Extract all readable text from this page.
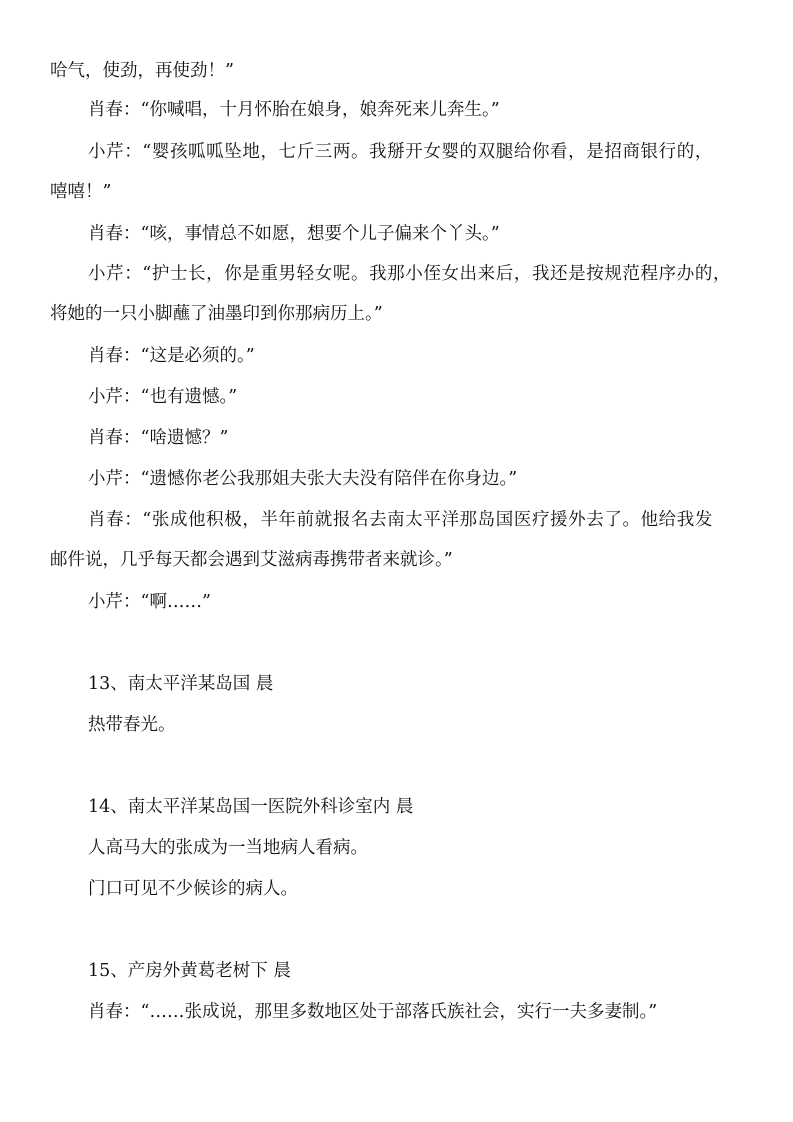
哈气，使劲，再使劲！”
肖春：“你喊唱，十月怀胎在娘身，娘奔死来儿奔生。”
小芹：“婴孩呱呱坠地，七斤三两。我掰开女婴的双腿给你看，是招商银行的，
嘻嘻！”
肖春：“咳，事情总不如愿，想要个儿子偏来个丫头。”
小芹：“护士长，你是重男轻女呢。我那小侄女出来后，我还是按规范程序办的，
将她的一只小脚蘸了油墨印到你那病历上。”
肖春：“这是必须的。”
小芹：“也有遗憾。”
肖春：“啥遗憾？”
小芹：“遗憾你老公我那姐夫张大夫没有陪伴在你身边。”
肖春：“张成他积极，半年前就报名去南太平洋那岛国医疗援外去了。他给我发
邮件说，几乎每天都会遇到艾滋病毒携带者来就诊。”
小芹：“啊……”
13、南太平洋某岛国 晨
热带春光。
14、南太平洋某岛国一医院外科诊室内 晨
人高马大的张成为一当地病人看病。
门口可见不少候诊的病人。
15、产房外黄葛老树下 晨
肖春：“……张成说，那里多数地区处于部落氏族社会，实行一夫多妻制。”
